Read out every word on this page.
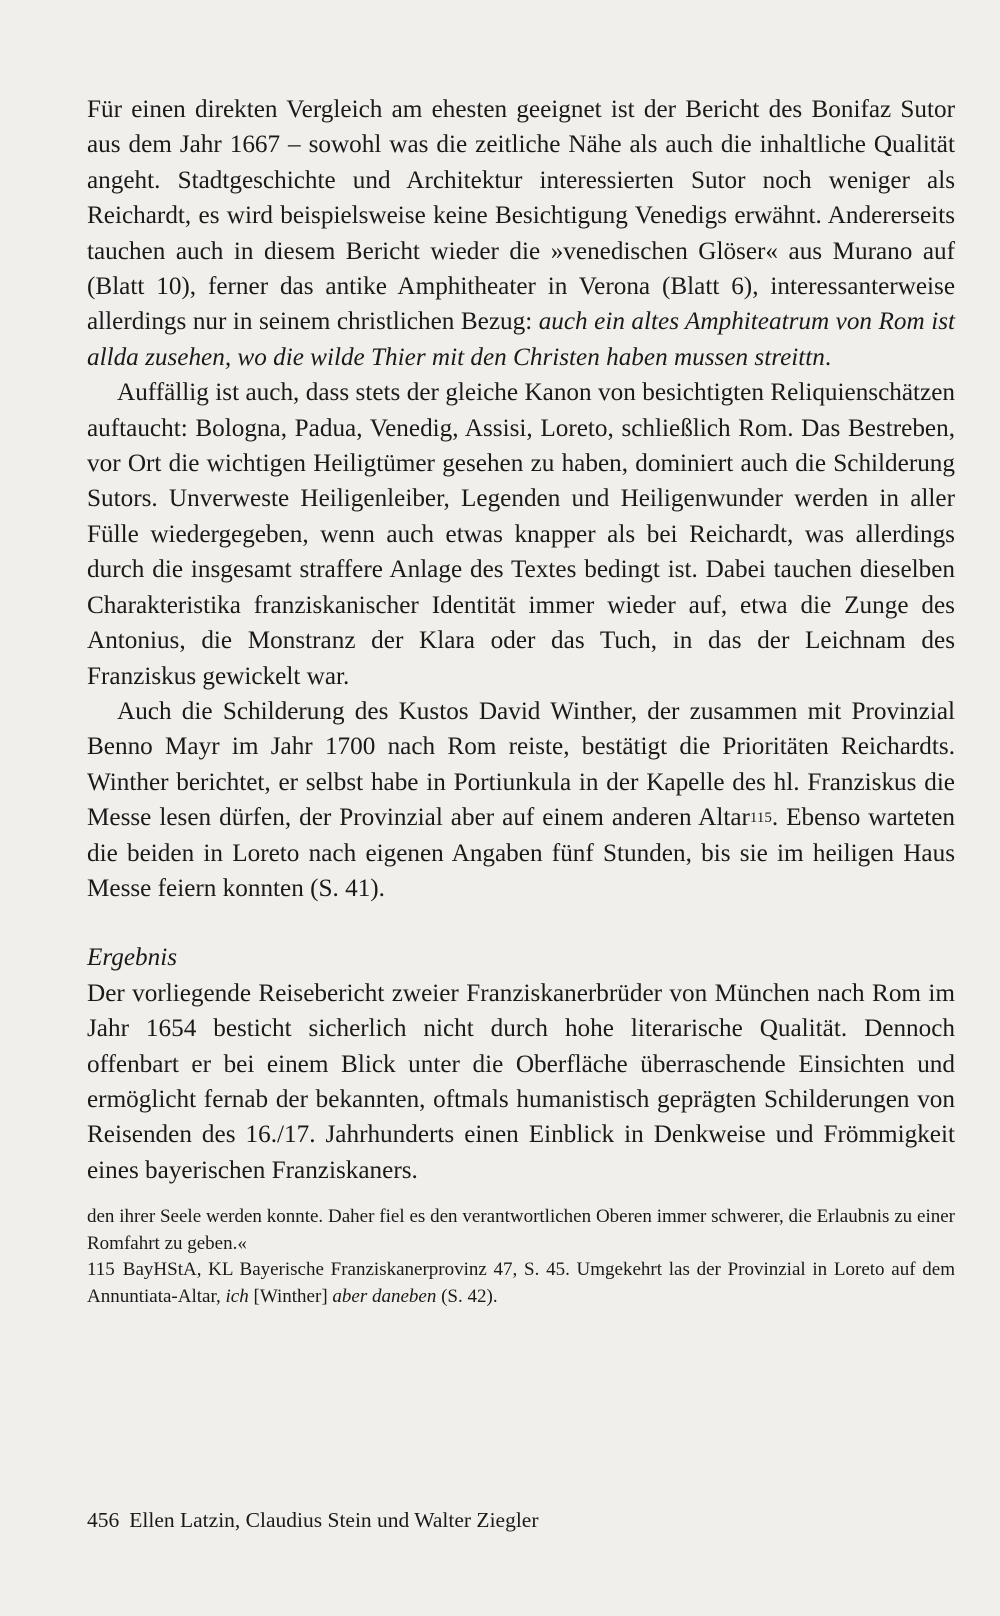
Für einen direkten Vergleich am ehesten geeignet ist der Bericht des Bonifaz Sutor aus dem Jahr 1667 – sowohl was die zeitliche Nähe als auch die inhaltliche Qualität angeht. Stadtgeschichte und Architektur interessierten Sutor noch weniger als Reichardt, es wird beispielsweise keine Besichtigung Venedigs erwähnt. Andererseits tauchen auch in diesem Bericht wieder die »venedischen Glöser« aus Murano auf (Blatt 10), ferner das antike Amphitheater in Verona (Blatt 6), interessanterweise allerdings nur in seinem christlichen Bezug: auch ein altes Amphiteatrum von Rom ist allda zusehen, wo die wilde Thier mit den Christen haben mussen streittn.

Auffällig ist auch, dass stets der gleiche Kanon von besichtigten Reliquienschätzen auftaucht: Bologna, Padua, Venedig, Assisi, Loreto, schließlich Rom. Das Bestreben, vor Ort die wichtigen Heiligtümer gesehen zu haben, dominiert auch die Schilderung Sutors. Unverweste Heiligenleiber, Legenden und Heiligenwunder werden in aller Fülle wiedergegeben, wenn auch etwas knapper als bei Reichardt, was allerdings durch die insgesamt straffere Anlage des Textes bedingt ist. Dabei tauchen dieselben Charakteristika franziskanischer Identität immer wieder auf, etwa die Zunge des Antonius, die Monstranz der Klara oder das Tuch, in das der Leichnam des Franziskus gewickelt war.

Auch die Schilderung des Kustos David Winther, der zusammen mit Provinzial Benno Mayr im Jahr 1700 nach Rom reiste, bestätigt die Prioritäten Reichardts. Winther berichtet, er selbst habe in Portiunkula in der Kapelle des hl. Franziskus die Messe lesen dürfen, der Provinzial aber auf einem anderen Altar$^{115}$. Ebenso warteten die beiden in Loreto nach eigenen Angaben fünf Stunden, bis sie im heiligen Haus Messe feiern konnten (S. 41).

Ergebnis

Der vorliegende Reisebericht zweier Franziskanerbrüder von München nach Rom im Jahr 1654 besticht sicherlich nicht durch hohe literarische Qualität. Dennoch offenbart er bei einem Blick unter die Oberfläche überraschende Einsichten und ermöglicht fernab der bekannten, oftmals humanistisch geprägten Schilderungen von Reisenden des 16./17. Jahrhunderts einen Einblick in Denkweise und Frömmigkeit eines bayerischen Franziskaners.

den ihrer Seele werden konnte. Daher fiel es den verantwortlichen Oberen immer schwerer, die Erlaubnis zu einer Romfahrt zu geben.«

115 BayHStA, KL Bayerische Franziskanerprovinz 47, S. 45. Umgekehrt las der Provinzial in Loreto auf dem Annuntiata-Altar, ich [Winther] aber daneben (S. 42).

456 Ellen Latzin, Claudius Stein und Walter Ziegler
